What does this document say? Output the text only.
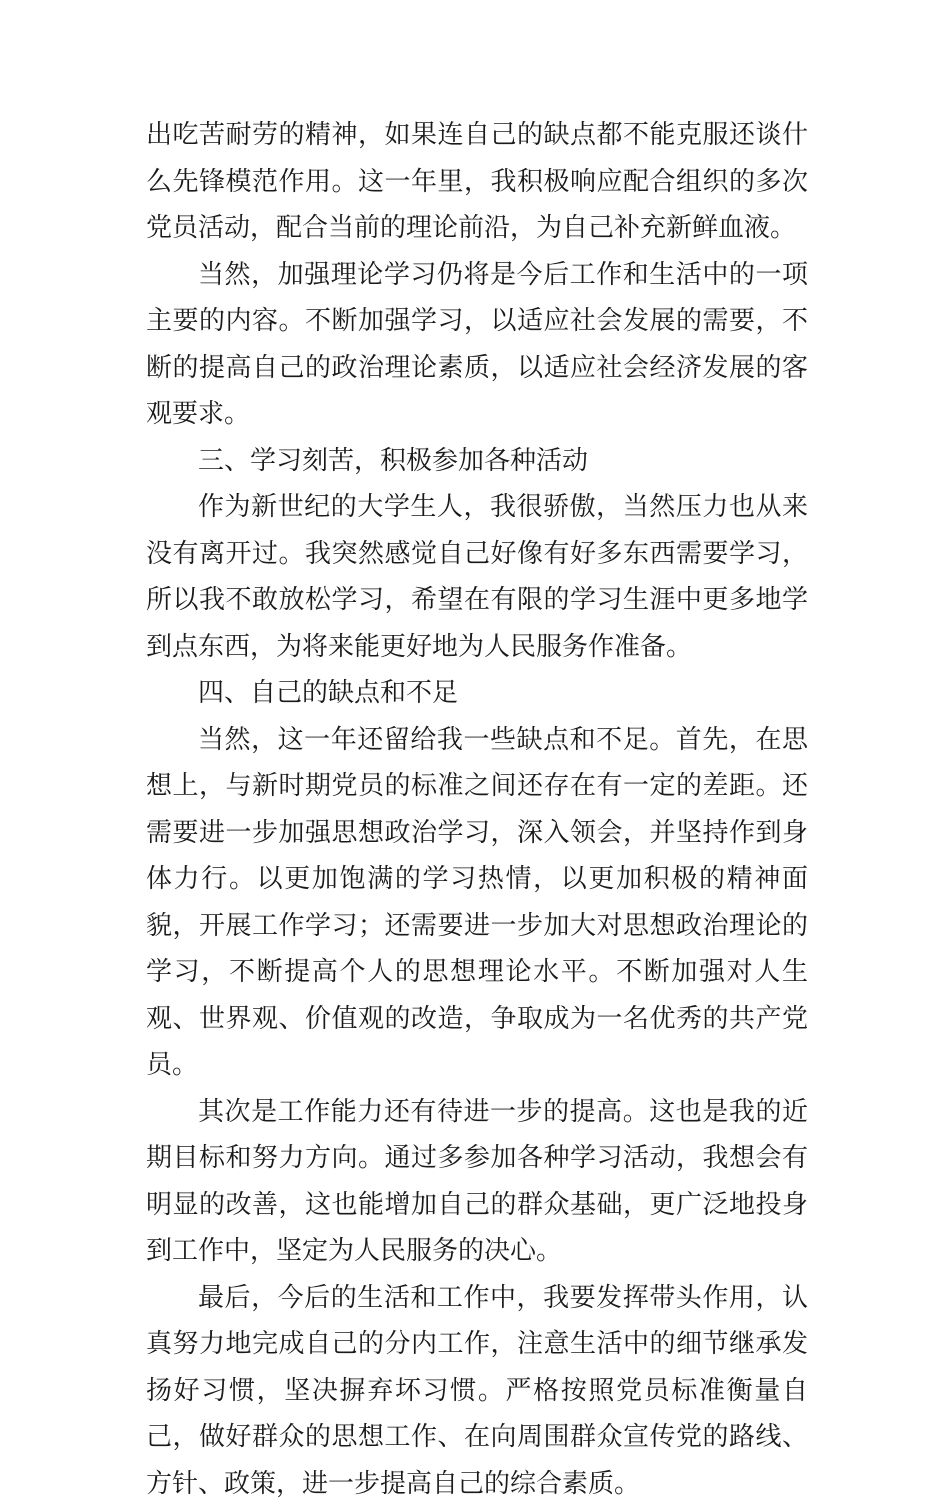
出吃苦耐劳的精神，如果连自己的缺点都不能克服还谈什么先锋模范作用。这一年里，我积极响应配合组织的多次党员活动，配合当前的理论前沿，为自己补充新鲜血液。

当然，加强理论学习仍将是今后工作和生活中的一项主要的内容。不断加强学习，以适应社会发展的需要，不断的提高自己的政治理论素质，以适应社会经济发展的客观要求。

三、学习刻苦，积极参加各种活动

作为新世纪的大学生人，我很骄傲，当然压力也从来没有离开过。我突然感觉自己好像有好多东西需要学习，所以我不敢放松学习，希望在有限的学习生涯中更多地学到点东西，为将来能更好地为人民服务作准备。

四、自己的缺点和不足

当然，这一年还留给我一些缺点和不足。首先，在思想上，与新时期党员的标准之间还存在有一定的差距。还需要进一步加强思想政治学习，深入领会，并坚持作到身体力行。以更加饱满的学习热情，以更加积极的精神面貌，开展工作学习；还需要进一步加大对思想政治理论的学习，不断提高个人的思想理论水平。不断加强对人生观、世界观、价值观的改造，争取成为一名优秀的共产党员。

其次是工作能力还有待进一步的提高。这也是我的近期目标和努力方向。通过多参加各种学习活动，我想会有明显的改善，这也能增加自己的群众基础，更广泛地投身到工作中，坚定为人民服务的决心。

最后，今后的生活和工作中，我要发挥带头作用，认真努力地完成自己的分内工作，注意生活中的细节继承发扬好习惯，坚决摒弃坏习惯。严格按照党员标准衡量自己，做好群众的思想工作、在向周围群众宣传党的路线、方针、政策，进一步提高自己的综合素质。
